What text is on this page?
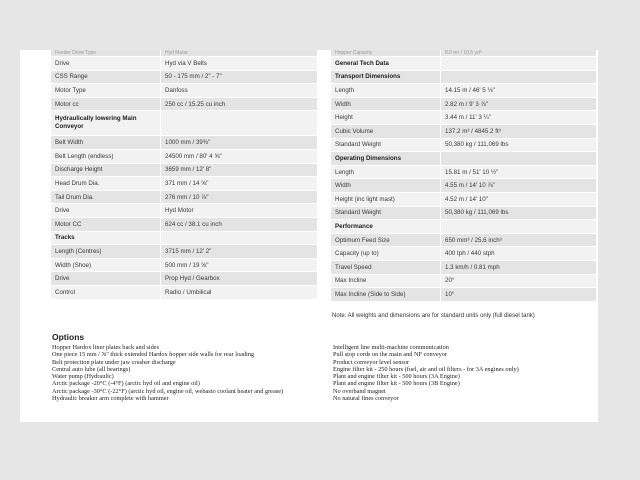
Feeder Drive Type	Hyd Motor
Drive	Hyd via V Belts
CSS Range	50 - 175 mm / 2" - 7"
Motor Type	Danfoss
Motor cc	250 cc / 15.25 cu inch
Hydraulically lowering Main Conveyor	
Belt Width	1000 mm / 39⅜"
Belt Length (endless)	24500 mm / 80' 4 ⅝"
Discharge Height	3659 mm / 12' 8"
Head Drum Dia.	371 mm / 14 ⅝"
Tail Drum Dia.	276 mm / 10 ⅞"
Drive	Hyd Motor
Motor CC	624 cc / 38.1 cu inch
Tracks	
Length (Centres)	3715 mm / 12' 2"
Width (Shoe)	500 mm / 19 ⅝"
Drive	Prop Hyd / Gearbox
Control	Radio / Umbilical
Hopper Capacity	8.0 m³ / 10.5 yd³
General Tech Data	
Transport Dimensions	
Length	14.15 m / 46' 5 ⅛"
Width	2.82 m / 9' 3 ⅞"
Height	3.44 m / 11' 3 ¼"
Cubic Volume	137.2 m³ / 4845.2 ft³
Standard Weight	50,380 kg / 111,069 lbs
Operating Dimensions	
Length	15.81 m / 51' 10 ½"
Width	4.55 m / 14' 10 ⅞"
Height (inc light mast)	4.52 m / 14' 10"
Standard Weight	50,380 kg / 111,069 lbs
Performance	
Optimum Feed Size	650 mm³ / 25.6 inch³
Capacity (up to)	400 tph / 440 stph
Travel Speed	1.3 km/h / 0.81 mph
Max Incline	20°
Max Incline (Side to Side)	10°
Note: All weights and dimensions are for standard units only (full diesel tank)
Options
Hopper Hardox liner plates back and sides
One piece 15 mm / ⅝" thick extended Hardox hopper side walls for rear loading
Belt protection plate under jaw crusher discharge
Central auto lube (all bearings)
Water pump (Hydraulic)
Arctic package -20°C (-4°F) (arctic hyd oil and engine oil)
Arctic package -30°C (-22°F) (arctic hyd oil, engine oil, webasto coolant heater and grease)
Hydraulic breaker arm complete with hammer
Intelligent line multi-machine communication
Pull stop cords on the main and NF conveyor
Product conveyor level sensor
Engine filter kit - 250 hours (fuel, air and oil filters - for 3A engines only)
Plant and engine filter kit - 500 hours (3A Engine)
Plant and engine filter kit - 500 hours (3B Engine)
No overband magnet
No natural fines conveyor
